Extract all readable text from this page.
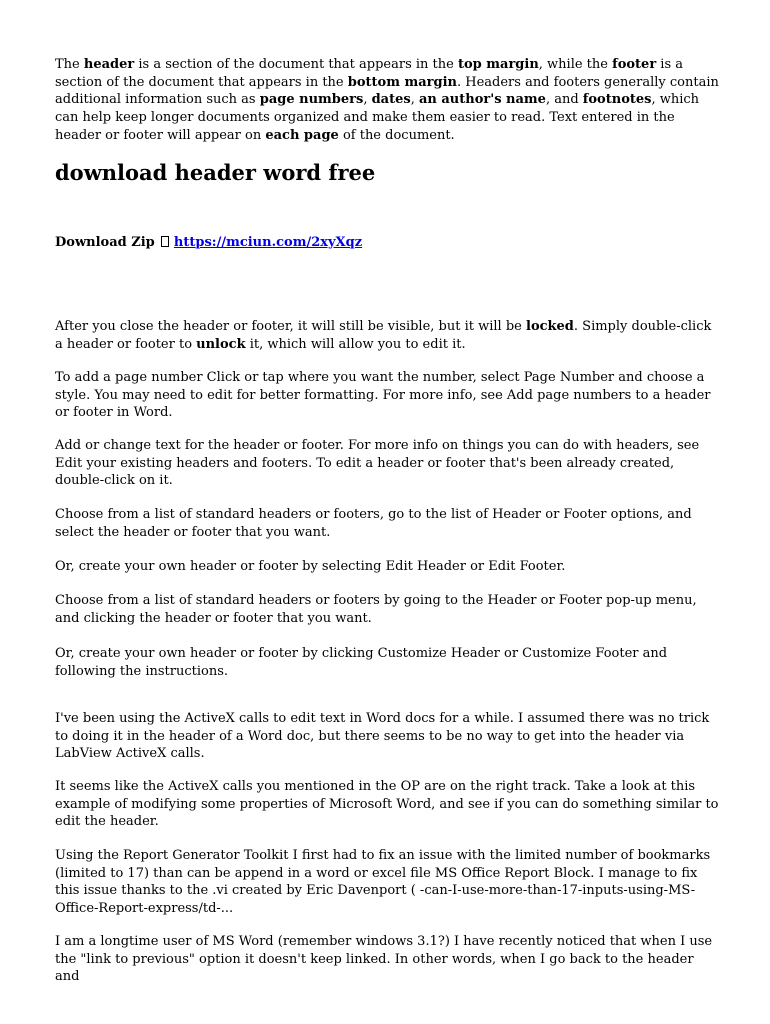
The header is a section of the document that appears in the top margin, while the footer is a section of the document that appears in the bottom margin. Headers and footers generally contain additional information such as page numbers, dates, an author's name, and footnotes, which can help keep longer documents organized and make them easier to read. Text entered in the header or footer will appear on each page of the document.

download header word free

Download Zip https://mciun.com/2xyXqz

After you close the header or footer, it will still be visible, but it will be locked. Simply double-click a header or footer to unlock it, which will allow you to edit it.

To add a page number Click or tap where you want the number, select Page Number and choose a style. You may need to edit for better formatting. For more info, see Add page numbers to a header or footer in Word.

Add or change text for the header or footer. For more info on things you can do with headers, see Edit your existing headers and footers. To edit a header or footer that's been already created, double-click on it.

Choose from a list of standard headers or footers, go to the list of Header or Footer options, and select the header or footer that you want.

Or, create your own header or footer by selecting Edit Header or Edit Footer.

Choose from a list of standard headers or footers by going to the Header or Footer pop-up menu, and clicking the header or footer that you want.

Or, create your own header or footer by clicking Customize Header or Customize Footer and following the instructions.

I've been using the ActiveX calls to edit text in Word docs for a while. I assumed there was no trick to doing it in the header of a Word doc, but there seems to be no way to get into the header via LabView ActiveX calls.

It seems like the ActiveX calls you mentioned in the OP are on the right track. Take a look at this example of modifying some properties of Microsoft Word, and see if you can do something similar to edit the header.

Using the Report Generator Toolkit I first had to fix an issue with the limited number of bookmarks (limited to 17) than can be append in a word or excel file MS Office Report Block. I manage to fix this issue thanks to the .vi created by Eric Davenport ( -can-I-use-more-than-17-inputs-using-MS-Office-Report-express/td-...

I am a longtime user of MS Word (remember windows 3.1?) I have recently noticed that when I use the "link to previous" option it doesn't keep linked. In other words, when I go back to the header and
